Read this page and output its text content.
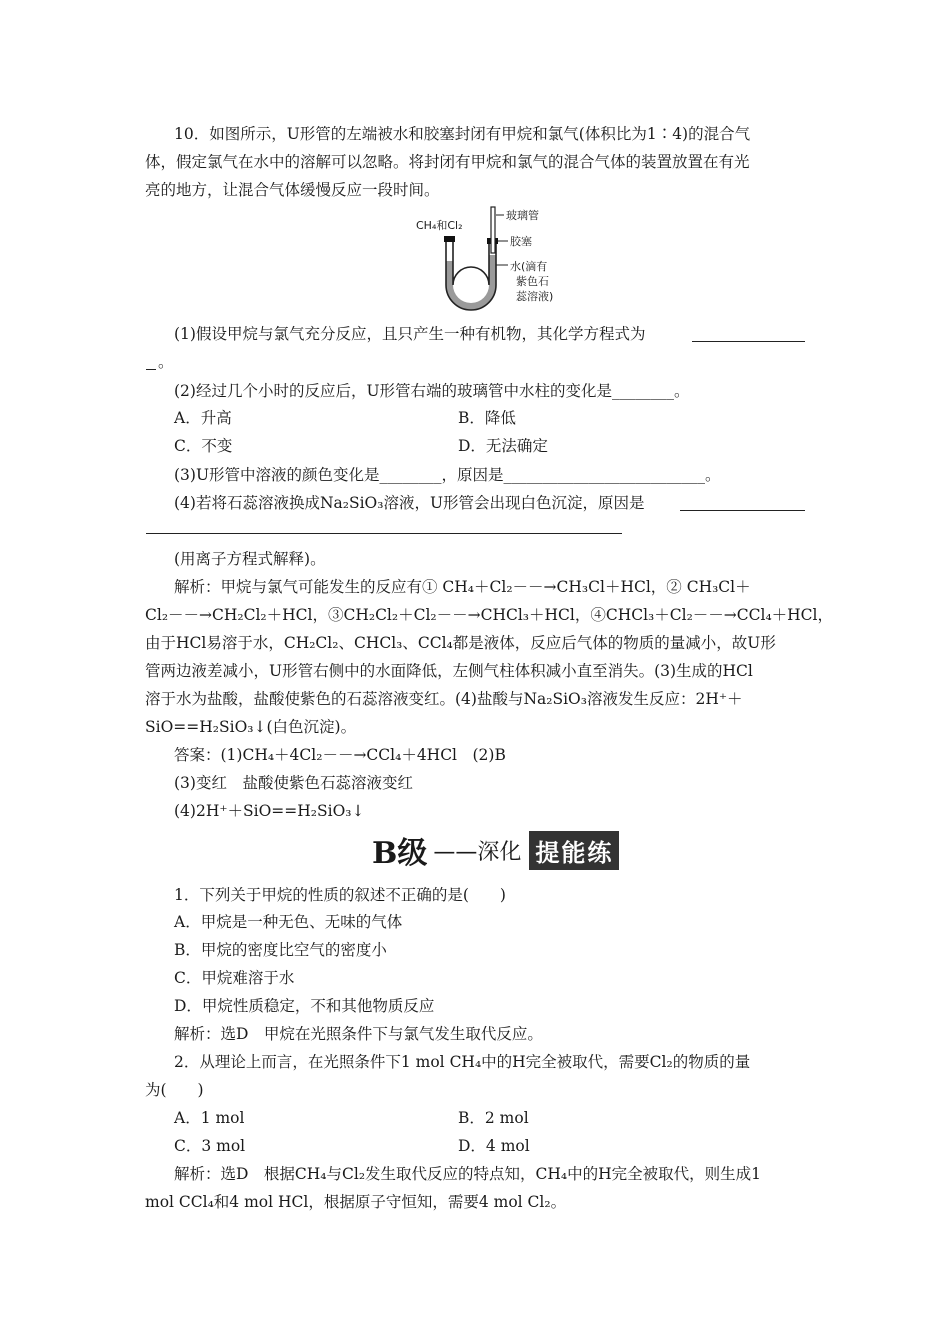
10．如图所示，U形管的左端被水和胶塞封闭有甲烷和氯气(体积比为1∶4)的混合气
体，假定氯气在水中的溶解可以忽略。将封闭有甲烷和氯气的混合气体的装置放置在有光
亮的地方，让混合气体缓慢反应一段时间。
CH₄和Cl₂
玻璃管
胶塞
水(滴有
紫色石
蕊溶液)
(1)假设甲烷与氯气充分反应，且只产生一种有机物，其化学方程式为
。
(2)经过几个小时的反应后，U形管右端的玻璃管中水柱的变化是________。
A．升高	B．降低
C．不变	D．无法确定
(3)U形管中溶液的颜色变化是________，原因是__________________________。
(4)若将石蕊溶液换成Na₂SiO₃溶液，U形管会出现白色沉淀，原因是
(用离子方程式解释)。
解析：甲烷与氯气可能发生的反应有① CH₄＋Cl₂－－→CH₃Cl＋HCl，② CH₃Cl＋
Cl₂－－→CH₂Cl₂＋HCl，③CH₂Cl₂＋Cl₂－－→CHCl₃＋HCl，④CHCl₃＋Cl₂－－→CCl₄＋HCl，
由于HCl易溶于水，CH₂Cl₂、CHCl₃、CCl₄都是液体，反应后气体的物质的量减小，故U形
管两边液差减小，U形管右侧中的水面降低，左侧气柱体积减小直至消失。(3)生成的HCl
溶于水为盐酸，盐酸使紫色的石蕊溶液变红。(4)盐酸与Na₂SiO₃溶液发生反应：2H⁺＋
SiO==H₂SiO₃↓(白色沉淀)。
答案：(1)CH₄＋4Cl₂－－→CCl₄＋4HCl　(2)B
(3)变红　盐酸使紫色石蕊溶液变红
(4)2H⁺＋SiO==H₂SiO₃↓
B级 ——深化 提能练
1．下列关于甲烷的性质的叙述不正确的是(　　)
A．甲烷是一种无色、无味的气体
B．甲烷的密度比空气的密度小
C．甲烷难溶于水
D．甲烷性质稳定，不和其他物质反应
解析：选D　甲烷在光照条件下与氯气发生取代反应。
2．从理论上而言，在光照条件下1 mol CH₄中的H完全被取代，需要Cl₂的物质的量
为(　　)
A．1 mol	B．2 mol
C．3 mol	D．4 mol
解析：选D　根据CH₄与Cl₂发生取代反应的特点知，CH₄中的H完全被取代，则生成1
mol CCl₄和4 mol HCl，根据原子守恒知，需要4 mol Cl₂。
